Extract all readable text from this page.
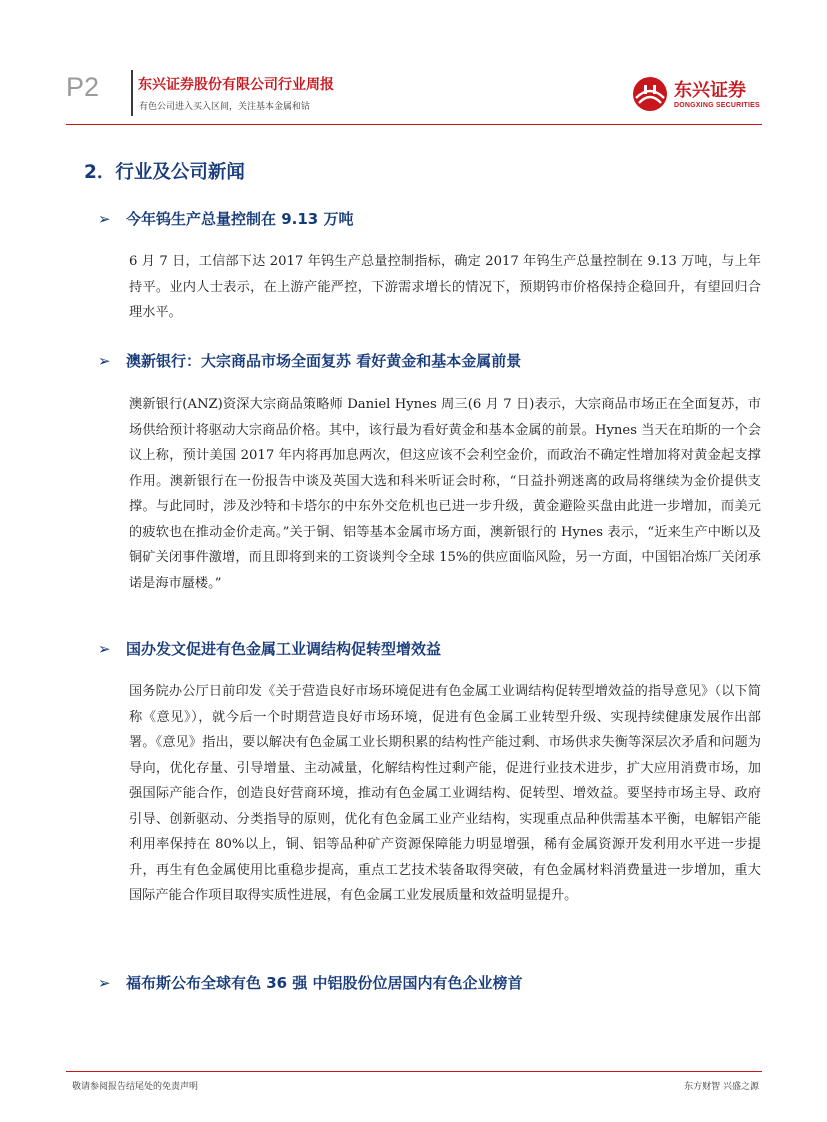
P2	东兴证券股份有限公司行业周报
有色公司进入买入区间，关注基本金属和钴
东兴证券
DONGXING SECURITIES
2．行业及公司新闻
➢ 今年钨生产总量控制在 9.13 万吨

6 月 7 日，工信部下达 2017 年钨生产总量控制指标，确定 2017 年钨生产总量控制在 9.13 万吨，与上年持平。业内人士表示，在上游产能严控，下游需求增长的情况下，预期钨市价格保持企稳回升，有望回归合理水平。

➢ 澳新银行：大宗商品市场全面复苏 看好黄金和基本金属前景

澳新银行(ANZ)资深大宗商品策略师 Daniel Hynes 周三(6 月 7 日)表示，大宗商品市场正在全面复苏，市场供给预计将驱动大宗商品价格。其中，该行最为看好黄金和基本金属的前景。Hynes 当天在珀斯的一个会议上称，预计美国 2017 年内将再加息两次，但这应该不会利空金价，而政治不确定性增加将对黄金起支撑作用。澳新银行在一份报告中谈及英国大选和科米听证会时称，“日益扑朔迷离的政局将继续为金价提供支撑。与此同时，涉及沙特和卡塔尔的中东外交危机也已进一步升级，黄金避险买盘由此进一步增加，而美元的疲软也在推动金价走高。”关于铜、铝等基本金属市场方面，澳新银行的 Hynes 表示，“近来生产中断以及铜矿关闭事件激增，而且即将到来的工资谈判令全球 15%的供应面临风险，另一方面，中国铝冶炼厂关闭承诺是海市蜃楼。”

➢ 国办发文促进有色金属工业调结构促转型增效益

国务院办公厅日前印发《关于营造良好市场环境促进有色金属工业调结构促转型增效益的指导意见》（以下简称《意见》），就今后一个时期营造良好市场环境，促进有色金属工业转型升级、实现持续健康发展作出部署。《意见》指出，要以解决有色金属工业长期积累的结构性产能过剩、市场供求失衡等深层次矛盾和问题为导向，优化存量、引导增量、主动减量，化解结构性过剩产能，促进行业技术进步，扩大应用消费市场，加强国际产能合作，创造良好营商环境，推动有色金属工业调结构、促转型、增效益。要坚持市场主导、政府引导、创新驱动、分类指导的原则，优化有色金属工业产业结构，实现重点品种供需基本平衡，电解铝产能利用率保持在 80%以上，铜、铝等品种矿产资源保障能力明显增强，稀有金属资源开发利用水平进一步提升，再生有色金属使用比重稳步提高，重点工艺技术装备取得突破，有色金属材料消费量进一步增加，重大国际产能合作项目取得实质性进展，有色金属工业发展质量和效益明显提升。

➢ 福布斯公布全球有色 36 强 中铝股份位居国内有色企业榜首
敬请参阅报告结尾处的免责声明	东方财智 兴盛之源
